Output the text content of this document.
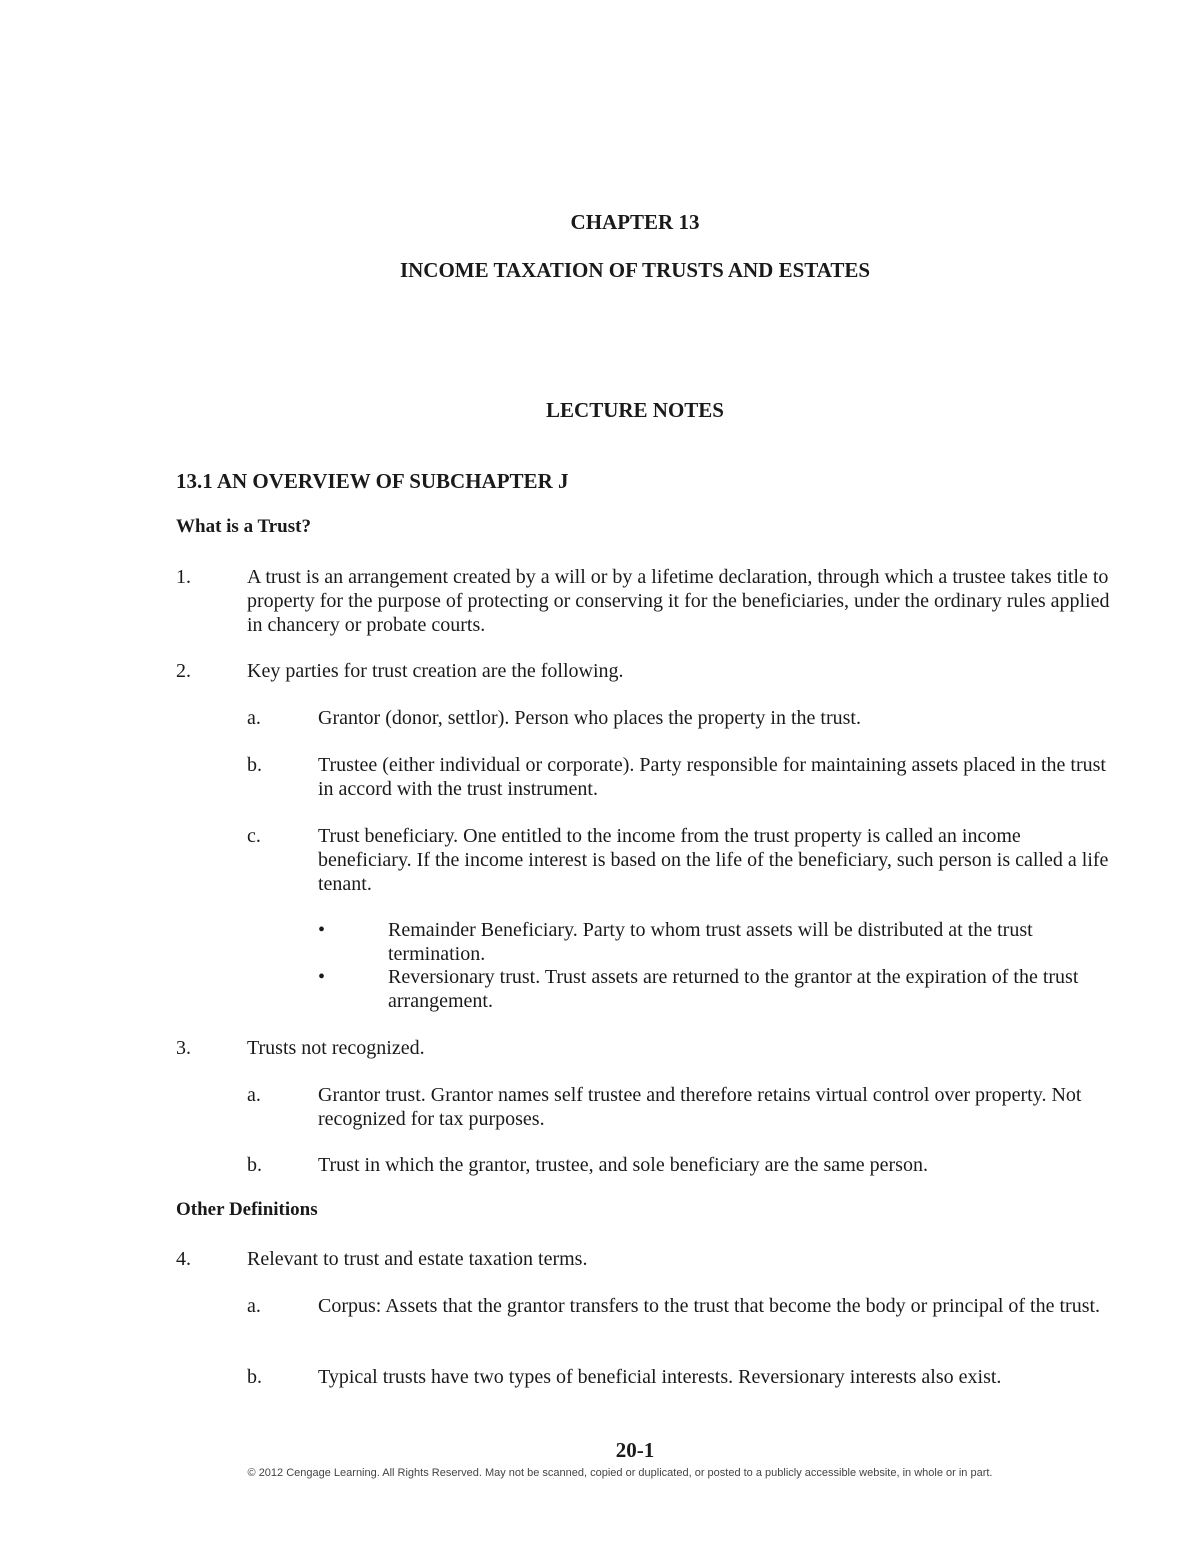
CHAPTER 13
INCOME TAXATION OF TRUSTS AND ESTATES
LECTURE NOTES
13.1 AN OVERVIEW OF SUBCHAPTER J
What is a Trust?
1.	A trust is an arrangement created by a will or by a lifetime declaration, through which a trustee takes title to property for the purpose of protecting or conserving it for the beneficiaries, under the ordinary rules applied in chancery or probate courts.
2.	Key parties for trust creation are the following.
a.	Grantor (donor, settlor). Person who places the property in the trust.
b.	Trustee (either individual or corporate). Party responsible for maintaining assets placed in the trust in accord with the trust instrument.
c.	Trust beneficiary. One entitled to the income from the trust property is called an income beneficiary. If the income interest is based on the life of the beneficiary, such person is called a life tenant.
•	Remainder Beneficiary. Party to whom trust assets will be distributed at the trust termination.
•	Reversionary trust. Trust assets are returned to the grantor at the expiration of the trust arrangement.
3.	Trusts not recognized.
a.	Grantor trust. Grantor names self trustee and therefore retains virtual control over property. Not recognized for tax purposes.
b.	Trust in which the grantor, trustee, and sole beneficiary are the same person.
Other Definitions
4.	Relevant to trust and estate taxation terms.
a.	Corpus: Assets that the grantor transfers to the trust that become the body or principal of the trust.
b.	Typical trusts have two types of beneficial interests. Reversionary interests also exist.
20-1
© 2012 Cengage Learning. All Rights Reserved. May not be scanned, copied or duplicated, or posted to a publicly accessible website, in whole or in part.
